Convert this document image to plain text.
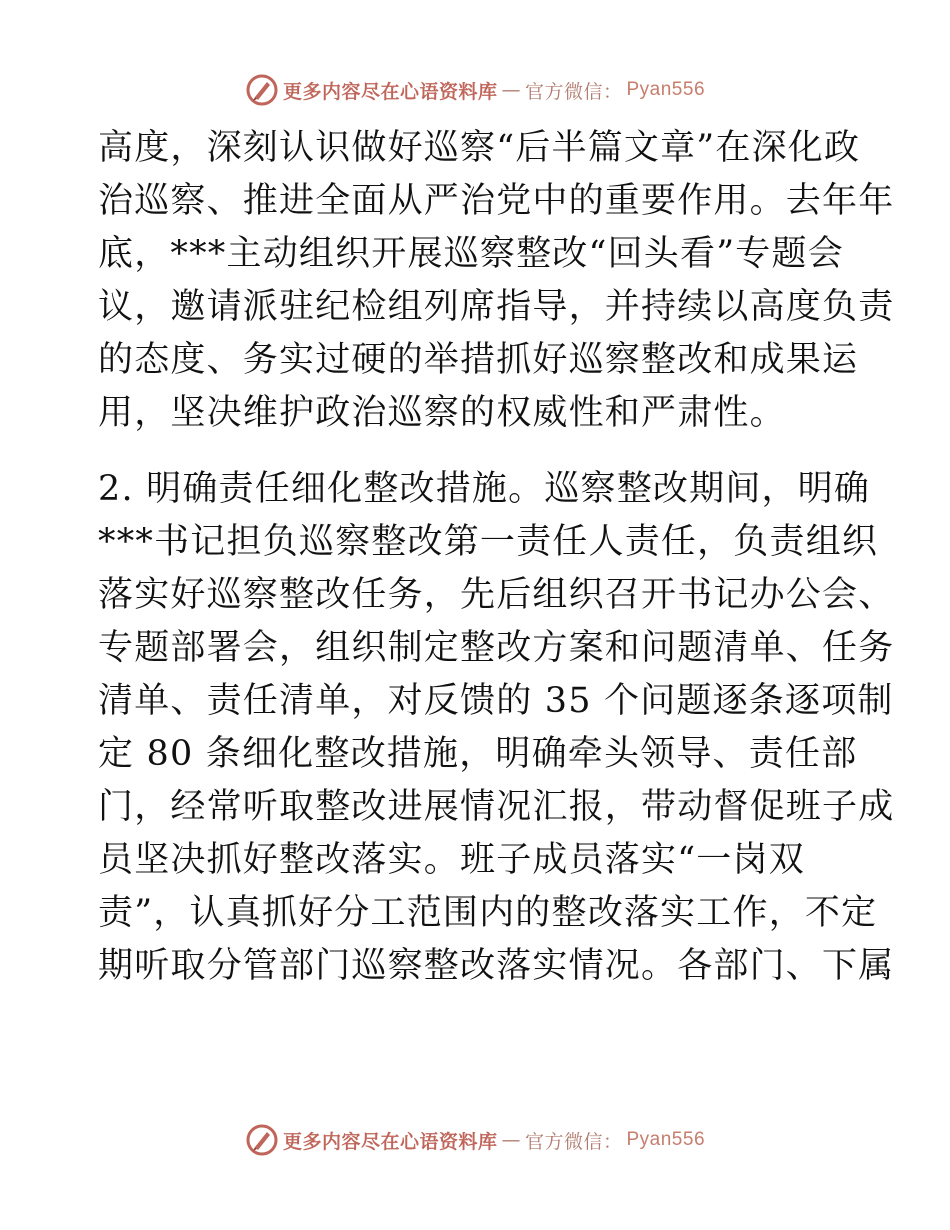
更多内容尽在心语资料库 — 官方微信： Pyan556
高度，深刻认识做好巡察“后半篇文章”在深化政
治巡察、推进全面从严治党中的重要作用。去年年
底，***主动组织开展巡察整改“回头看”专题会
议，邀请派驻纪检组列席指导，并持续以高度负责
的态度、务实过硬的举措抓好巡察整改和成果运
用，坚决维护政治巡察的权威性和严肃性。
2. 明确责任细化整改措施。巡察整改期间，明确
***书记担负巡察整改第一责任人责任，负责组织
落实好巡察整改任务，先后组织召开书记办公会、
专题部署会，组织制定整改方案和问题清单、任务
清单、责任清单，对反馈的 35 个问题逐条逐项制
定 80 条细化整改措施，明确牵头领导、责任部
门，经常听取整改进展情况汇报，带动督促班子成
员坚决抓好整改落实。班子成员落实“一岗双
责”，认真抓好分工范围内的整改落实工作，不定
期听取分管部门巡察整改落实情况。各部门、下属
更多内容尽在心语资料库 — 官方微信： Pyan556
